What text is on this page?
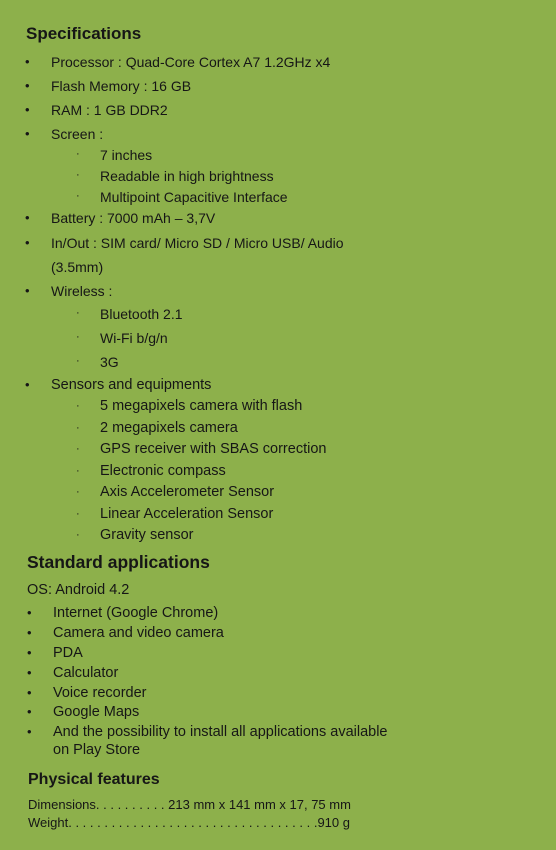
Specifications
• Processor : Quad-Core Cortex A7 1.2GHz x4
• Flash Memory : 16 GB
• RAM : 1 GB DDR2
• Screen :
· 7 inches
· Readable in high brightness
· Multipoint Capacitive Interface
• Battery : 7000 mAh – 3,7V
• In/Out : SIM card/ Micro SD / Micro USB/ Audio
(3.5mm)
• Wireless :
· Bluetooth 2.1
· Wi-Fi b/g/n
· 3G
• Sensors and equipments
· 5 megapixels camera with flash
· 2 megapixels camera
· GPS receiver with SBAS correction
· Electronic compass
· Axis Accelerometer Sensor
· Linear Acceleration Sensor
· Gravity sensor
Standard applications
OS: Android 4.2
• Internet (Google Chrome)
• Camera and video camera
• PDA
• Calculator
• Voice recorder
• Google Maps
• And the possibility to install all applications available
on Play Store
Physical features
Dimensions. . . . . . . . . . 213 mm x 141 mm x 17, 75 mm
Weight. . . . . . . . . . . . . . . . . . . . . . . . . . . . . . . . . . .910 g
